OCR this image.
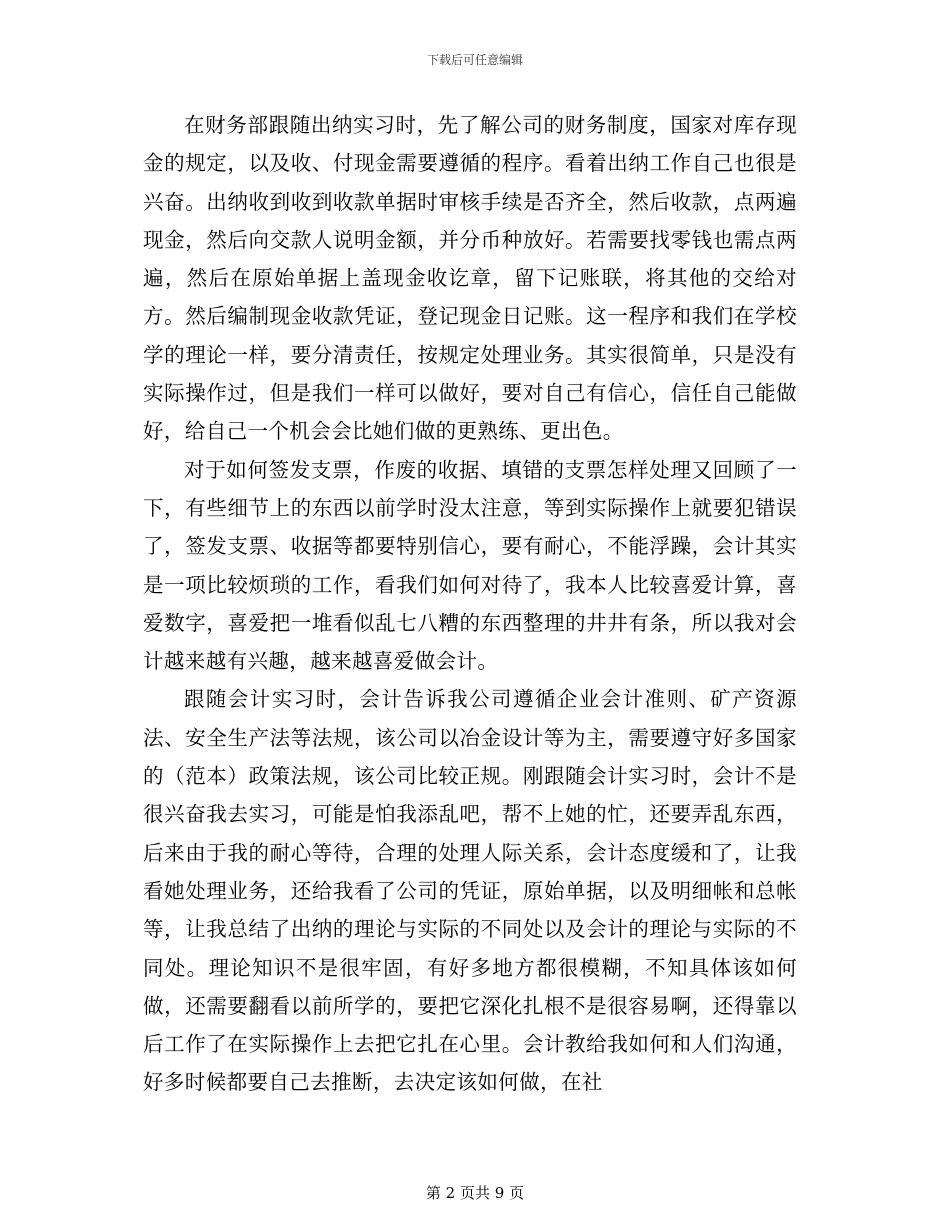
下载后可任意编辑

在财务部跟随出纳实习时，先了解公司的财务制度，国家对库存现金的规定，以及收、付现金需要遵循的程序。看着出纳工作自己也很是兴奋。出纳收到收到收款单据时审核手续是否齐全，然后收款，点两遍现金，然后向交款人说明金额，并分币种放好。若需要找零钱也需点两遍，然后在原始单据上盖现金收讫章，留下记账联，将其他的交给对方。然后编制现金收款凭证，登记现金日记账。这一程序和我们在学校学的理论一样，要分清责任，按规定处理业务。其实很简单，只是没有实际操作过，但是我们一样可以做好，要对自己有信心，信任自己能做好，给自己一个机会会比她们做的更熟练、更出色。

对于如何签发支票，作废的收据、填错的支票怎样处理又回顾了一下，有些细节上的东西以前学时没太注意，等到实际操作上就要犯错误了，签发支票、收据等都要特别信心，要有耐心，不能浮躁，会计其实是一项比较烦琐的工作，看我们如何对待了，我本人比较喜爱计算，喜爱数字，喜爱把一堆看似乱七八糟的东西整理的井井有条，所以我对会计越来越有兴趣，越来越喜爱做会计。

跟随会计实习时，会计告诉我公司遵循企业会计准则、矿产资源法、安全生产法等法规，该公司以冶金设计等为主，需要遵守好多国家的（范本）政策法规，该公司比较正规。刚跟随会计实习时，会计不是很兴奋我去实习，可能是怕我添乱吧，帮不上她的忙，还要弄乱东西，后来由于我的耐心等待，合理的处理人际关系，会计态度缓和了，让我看她处理业务，还给我看了公司的凭证，原始单据，以及明细帐和总帐等，让我总结了出纳的理论与实际的不同处以及会计的理论与实际的不同处。理论知识不是很牢固，有好多地方都很模糊，不知具体该如何做，还需要翻看以前所学的，要把它深化扎根不是很容易啊，还得靠以后工作了在实际操作上去把它扎在心里。会计教给我如何和人们沟通，好多时候都要自己去推断，去决定该如何做，在社

第 2 页共 9 页
